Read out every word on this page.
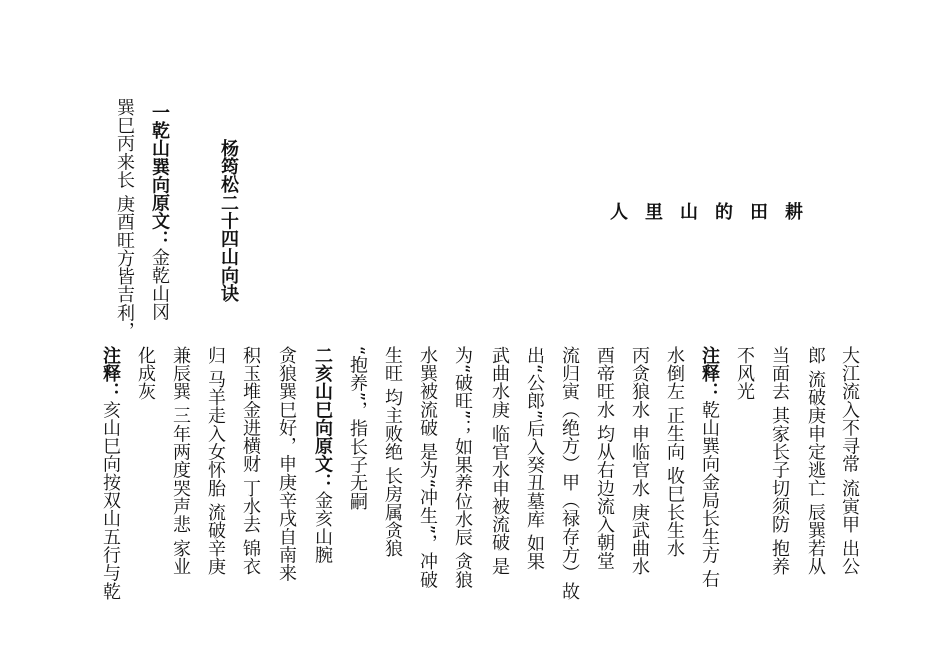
人里山的田耕
杨筠松二十四山向诀
一乾山巽向原文：金乾山冈
巽巳丙来长 庚酉旺方皆吉利，
大江流入不寻常 流寅甲 出公
郎 流破庚申定逃亡 辰巽若从
当面去 其家长子切须防 抱养
不风光
注释：乾山巽向金局长生方 右
水倒左 正生向 收巳长生水
丙贪狼水 申临官水 庚武曲水
酉帝旺水 均从右边流入朝堂
流归寅（绝方）甲（禄存方）故
出“公郎”后入癸丑墓库 如果
武曲水庚 临官水申被流破 是
为“破旺”；如果养位水辰 贪狼
水巽被流破 是为“冲生”，冲破
生旺 均主败绝 长房属贪狼
“抱养”，指长子无嗣
二亥山巳向原文：金亥山腕
贪狼巽巳好，申庚辛戌自南来
积玉堆金进横财 丁水去 锦衣
归 马羊走入女怀胎 流破辛庚
兼辰巽 三年两度哭声悲 家业
化成灰
注释：亥山巳向按双山五行与乾
